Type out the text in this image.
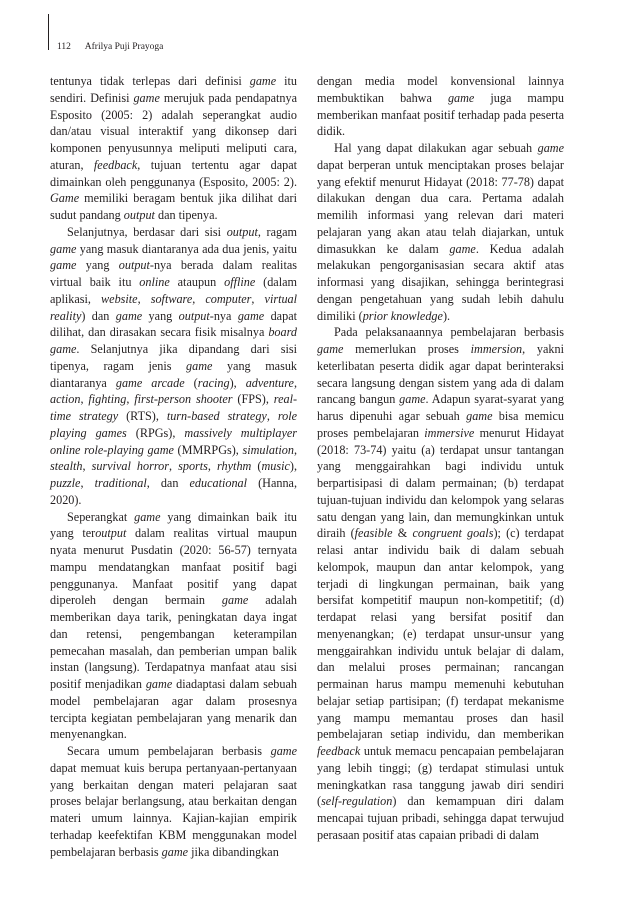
112 Afrilya Puji Prayoga

tentunya tidak terlepas dari definisi game itu sendiri. Definisi game merujuk pada pendapatnya Esposito (2005: 2) adalah seperangkat audio dan/atau visual interaktif yang dikonsep dari komponen penyusunnya meliputi meliputi cara, aturan, feedback, tujuan tertentu agar dapat dimainkan oleh penggunanya (Esposito, 2005: 2). Game memiliki beragam bentuk jika dilihat dari sudut pandang output dan tipenya.

Selanjutnya, berdasar dari sisi output, ragam game yang masuk diantaranya ada dua jenis, yaitu game yang output-nya berada dalam realitas virtual baik itu online ataupun offline (dalam aplikasi, website, software, computer, virtual reality) dan game yang output-nya game dapat dilihat, dan dirasakan secara fisik misalnya board game. Selanjutnya jika dipandang dari sisi tipenya, ragam jenis game yang masuk diantaranya game arcade (racing), adventure, action, fighting, first-person shooter (FPS), real-time strategy (RTS), turn-based strategy, role playing games (RPGs), massively multiplayer online role-playing game (MMRPGs), simulation, stealth, survival horror, sports, rhythm (music), puzzle, traditional, dan educational (Hanna, 2020).

Seperangkat game yang dimainkan baik itu yang teroutput dalam realitas virtual maupun nyata menurut Pusdatin (2020: 56-57) ternyata mampu mendatangkan manfaat positif bagi penggunanya. Manfaat positif yang dapat diperoleh dengan bermain game adalah memberikan daya tarik, peningkatan daya ingat dan retensi, pengembangan keterampilan pemecahan masalah, dan pemberian umpan balik instan (langsung). Terdapatnya manfaat atau sisi positif menjadikan game diadaptasi dalam sebuah model pembelajaran agar dalam prosesnya tercipta kegiatan pembelajaran yang menarik dan menyenangkan.

Secara umum pembelajaran berbasis game dapat memuat kuis berupa pertanyaan-pertanyaan yang berkaitan dengan materi pelajaran saat proses belajar berlangsung, atau berkaitan dengan materi umum lainnya. Kajian-kajian empirik terhadap keefektifan KBM menggunakan model pembelajaran berbasis game jika dibandingkan

dengan media model konvensional lainnya membuktikan bahwa game juga mampu memberikan manfaat positif terhadap pada peserta didik.

Hal yang dapat dilakukan agar sebuah game dapat berperan untuk menciptakan proses belajar yang efektif menurut Hidayat (2018: 77-78) dapat dilakukan dengan dua cara. Pertama adalah memilih informasi yang relevan dari materi pelajaran yang akan atau telah diajarkan, untuk dimasukkan ke dalam game. Kedua adalah melakukan pengorganisasian secara aktif atas informasi yang disajikan, sehingga berintegrasi dengan pengetahuan yang sudah lebih dahulu dimiliki (prior knowledge).

Pada pelaksanaannya pembelajaran berbasis game memerlukan proses immersion, yakni keterlibatan peserta didik agar dapat berinteraksi secara langsung dengan sistem yang ada di dalam rancang bangun game. Adapun syarat-syarat yang harus dipenuhi agar sebuah game bisa memicu proses pembelajaran immersive menurut Hidayat (2018: 73-74) yaitu (a) terdapat unsur tantangan yang menggairahkan bagi individu untuk berpartisipasi di dalam permainan; (b) terdapat tujuan-tujuan individu dan kelompok yang selaras satu dengan yang lain, dan memungkinkan untuk diraih (feasible & congruent goals); (c) terdapat relasi antar individu baik di dalam sebuah kelompok, maupun dan antar kelompok, yang terjadi di lingkungan permainan, baik yang bersifat kompetitif maupun non-kompetitif; (d) terdapat relasi yang bersifat positif dan menyenangkan; (e) terdapat unsur-unsur yang menggairahkan individu untuk belajar di dalam, dan melalui proses permainan; rancangan permainan harus mampu memenuhi kebutuhan belajar setiap partisipan; (f) terdapat mekanisme yang mampu memantau proses dan hasil pembelajaran setiap individu, dan memberikan feedback untuk memacu pencapaian pembelajaran yang lebih tinggi; (g) terdapat stimulasi untuk meningkatkan rasa tanggung jawab diri sendiri (self-regulation) dan kemampuan diri dalam mencapai tujuan pribadi, sehingga dapat terwujud perasaan positif atas capaian pribadi di dalam
